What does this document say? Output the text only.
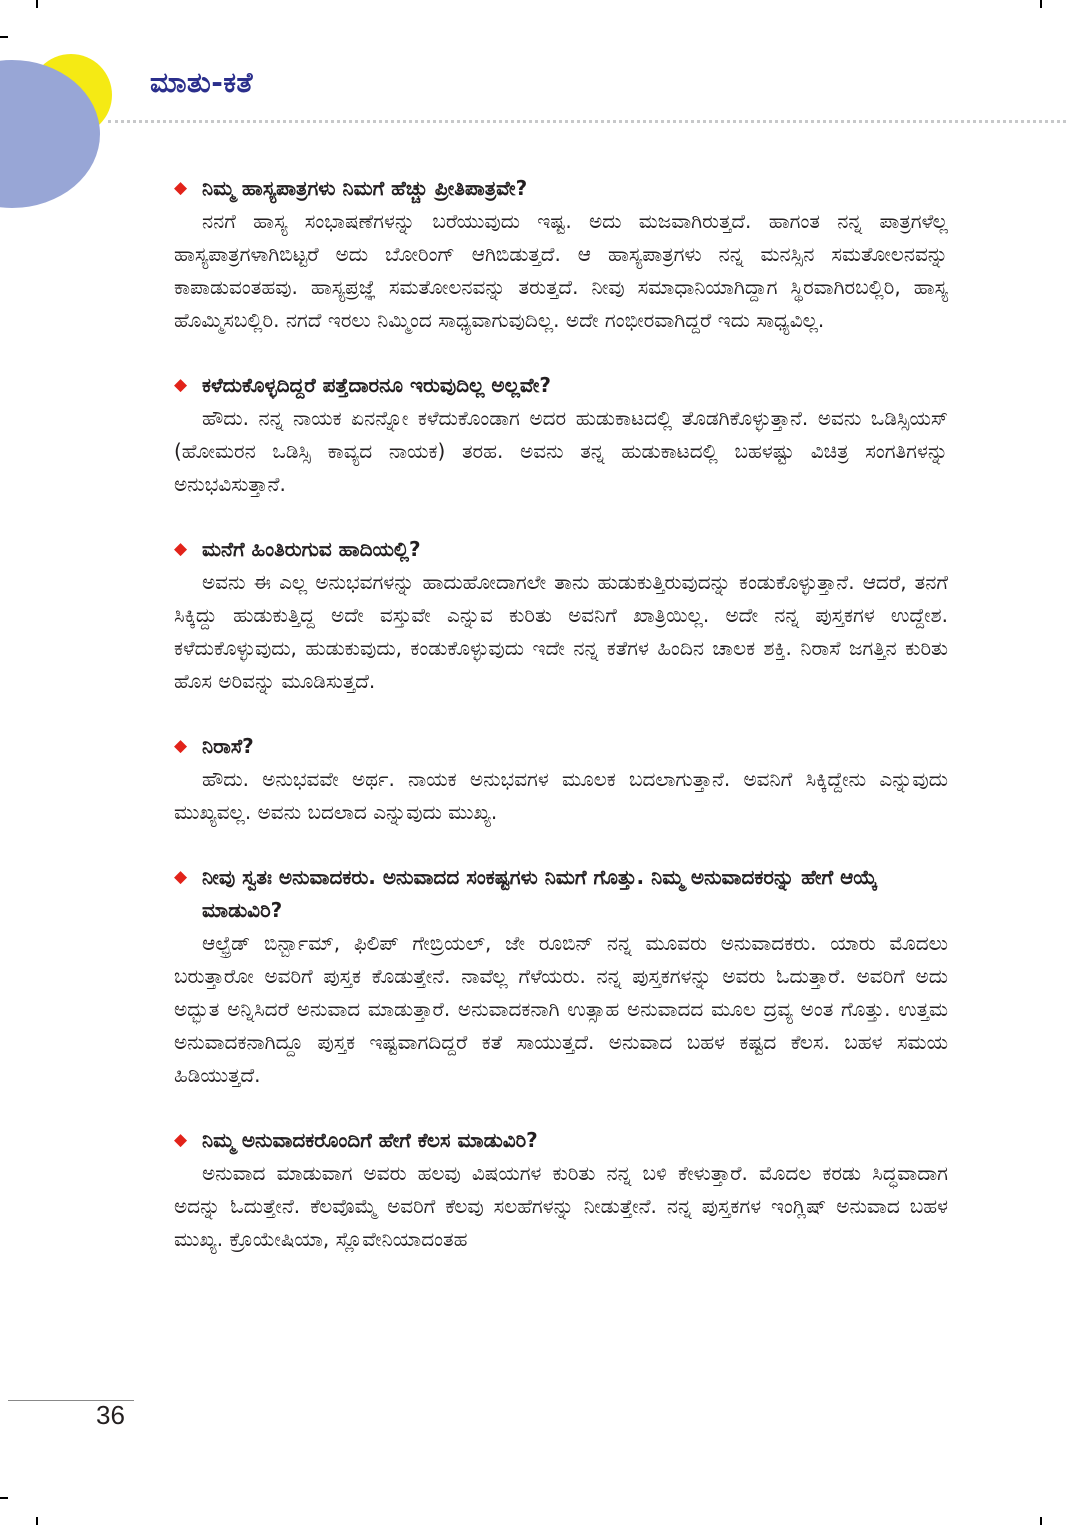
ಮಾತು-ಕತೆ
◆ ನಿಮ್ಮ ಹಾಸ್ಯಪಾತ್ರಗಳು ನಿಮಗೆ ಹೆಚ್ಚು ಪ್ರೀತಿಪಾತ್ರವೇ?

ನನಗೆ ಹಾಸ್ಯ ಸಂಭಾಷಣೆಗಳನ್ನು ಬರೆಯುವುದು ಇಷ್ಟ. ಅದು ಮಜವಾಗಿರುತ್ತದೆ. ಹಾಗಂತ ನನ್ನ ಪಾತ್ರಗಳೆಲ್ಲ ಹಾಸ್ಯಪಾತ್ರಗಳಾಗಿಬಿಟ್ಟರೆ ಅದು ಬೋರಿಂಗ್ ಆಗಿಬಿಡುತ್ತದೆ. ಆ ಹಾಸ್ಯಪಾತ್ರಗಳು ನನ್ನ ಮನಸ್ಸಿನ ಸಮತೋಲನವನ್ನು ಕಾಪಾಡುವಂತಹವು. ಹಾಸ್ಯಪ್ರಜ್ಞೆ ಸಮತೋಲನವನ್ನು ತರುತ್ತದೆ. ನೀವು ಸಮಾಧಾನಿಯಾಗಿದ್ದಾಗ ಸ್ಥಿರವಾಗಿರಬಲ್ಲಿರಿ, ಹಾಸ್ಯ ಹೊಮ್ಮಿಸಬಲ್ಲಿರಿ. ನಗದೆ ಇರಲು ನಿಮ್ಮಿಂದ ಸಾಧ್ಯವಾಗುವುದಿಲ್ಲ. ಅದೇ ಗಂಭೀರವಾಗಿದ್ದರೆ ಇದು ಸಾಧ್ಯವಿಲ್ಲ.

◆ ಕಳೆದುಕೊಳ್ಳದಿದ್ದರೆ ಪತ್ತೆದಾರನೂ ಇರುವುದಿಲ್ಲ ಅಲ್ಲವೇ?

ಹೌದು. ನನ್ನ ನಾಯಕ ಏನನ್ನೋ ಕಳೆದುಕೊಂಡಾಗ ಅದರ ಹುಡುಕಾಟದಲ್ಲಿ ತೊಡಗಿಕೊಳ್ಳುತ್ತಾನೆ. ಅವನು ಒಡಿಸ್ಸಿಯಸ್ (ಹೋಮರನ ಒಡಿಸ್ಸಿ ಕಾವ್ಯದ ನಾಯಕ) ತರಹ. ಅವನು ತನ್ನ ಹುಡುಕಾಟದಲ್ಲಿ ಬಹಳಷ್ಟು ವಿಚಿತ್ರ ಸಂಗತಿಗಳನ್ನು ಅನುಭವಿಸುತ್ತಾನೆ.

◆ ಮನೆಗೆ ಹಿಂತಿರುಗುವ ಹಾದಿಯಲ್ಲಿ?

ಅವನು ಈ ಎಲ್ಲ ಅನುಭವಗಳನ್ನು ಹಾದುಹೋದಾಗಲೇ ತಾನು ಹುಡುಕುತ್ತಿರುವುದನ್ನು ಕಂಡುಕೊಳ್ಳುತ್ತಾನೆ. ಆದರೆ, ತನಗೆ ಸಿಕ್ಕಿದ್ದು ಹುಡುಕುತ್ತಿದ್ದ ಅದೇ ವಸ್ತುವೇ ಎನ್ನುವ ಕುರಿತು ಅವನಿಗೆ ಖಾತ್ರಿಯಿಲ್ಲ. ಅದೇ ನನ್ನ ಪುಸ್ತಕಗಳ ಉದ್ದೇಶ. ಕಳೆದುಕೊಳ್ಳುವುದು, ಹುಡುಕುವುದು, ಕಂಡುಕೊಳ್ಳುವುದು ಇದೇ ನನ್ನ ಕತೆಗಳ ಹಿಂದಿನ ಚಾಲಕ ಶಕ್ತಿ. ನಿರಾಸೆ ಜಗತ್ತಿನ ಕುರಿತು ಹೊಸ ಅರಿವನ್ನು ಮೂಡಿಸುತ್ತದೆ.

◆ ನಿರಾಸೆ?

ಹೌದು. ಅನುಭವವೇ ಅರ್ಥ. ನಾಯಕ ಅನುಭವಗಳ ಮೂಲಕ ಬದಲಾಗುತ್ತಾನೆ. ಅವನಿಗೆ ಸಿಕ್ಕಿದ್ದೇನು ಎನ್ನುವುದು ಮುಖ್ಯವಲ್ಲ. ಅವನು ಬದಲಾದ ಎನ್ನುವುದು ಮುಖ್ಯ.

◆ ನೀವು ಸ್ವತಃ ಅನುವಾದಕರು. ಅನುವಾದದ ಸಂಕಷ್ಟಗಳು ನಿಮಗೆ ಗೊತ್ತು. ನಿಮ್ಮ ಅನುವಾದಕರನ್ನು ಹೇಗೆ ಆಯ್ಕೆ ಮಾಡುವಿರಿ?

ಆಲ್ಫ್ರೆಡ್ ಬಿರ್ನ್ಬಾಮ್, ಫಿಲಿಪ್ ಗೇಬ್ರಿಯಲ್, ಜೇ ರೂಬಿನ್ ನನ್ನ ಮೂವರು ಅನುವಾದಕರು. ಯಾರು ಮೊದಲು ಬರುತ್ತಾರೋ ಅವರಿಗೆ ಪುಸ್ತಕ ಕೊಡುತ್ತೇನೆ. ನಾವೆಲ್ಲ ಗೆಳೆಯರು. ನನ್ನ ಪುಸ್ತಕಗಳನ್ನು ಅವರು ಓದುತ್ತಾರೆ. ಅವರಿಗೆ ಅದು ಅದ್ಭುತ ಅನ್ನಿಸಿದರೆ ಅನುವಾದ ಮಾಡುತ್ತಾರೆ. ಅನುವಾದಕನಾಗಿ ಉತ್ಸಾಹ ಅನುವಾದದ ಮೂಲ ದ್ರವ್ಯ ಅಂತ ಗೊತ್ತು. ಉತ್ತಮ ಅನುವಾದಕನಾಗಿದ್ದೂ ಪುಸ್ತಕ ಇಷ್ಟವಾಗದಿದ್ದರೆ ಕತೆ ಸಾಯುತ್ತದೆ. ಅನುವಾದ ಬಹಳ ಕಷ್ಟದ ಕೆಲಸ. ಬಹಳ ಸಮಯ ಹಿಡಿಯುತ್ತದೆ.

◆ ನಿಮ್ಮ ಅನುವಾದಕರೊಂದಿಗೆ ಹೇಗೆ ಕೆಲಸ ಮಾಡುವಿರಿ?

ಅನುವಾದ ಮಾಡುವಾಗ ಅವರು ಹಲವು ವಿಷಯಗಳ ಕುರಿತು ನನ್ನ ಬಳಿ ಕೇಳುತ್ತಾರೆ. ಮೊದಲ ಕರಡು ಸಿದ್ಧವಾದಾಗ ಅದನ್ನು ಓದುತ್ತೇನೆ. ಕೆಲವೊಮ್ಮೆ ಅವರಿಗೆ ಕೆಲವು ಸಲಹೆಗಳನ್ನು ನೀಡುತ್ತೇನೆ. ನನ್ನ ಪುಸ್ತಕಗಳ ಇಂಗ್ಲಿಷ್ ಅನುವಾದ ಬಹಳ ಮುಖ್ಯ. ಕ್ರೊಯೇಷಿಯಾ, ಸ್ಲೊವೇನಿಯಾದಂತಹ

36
